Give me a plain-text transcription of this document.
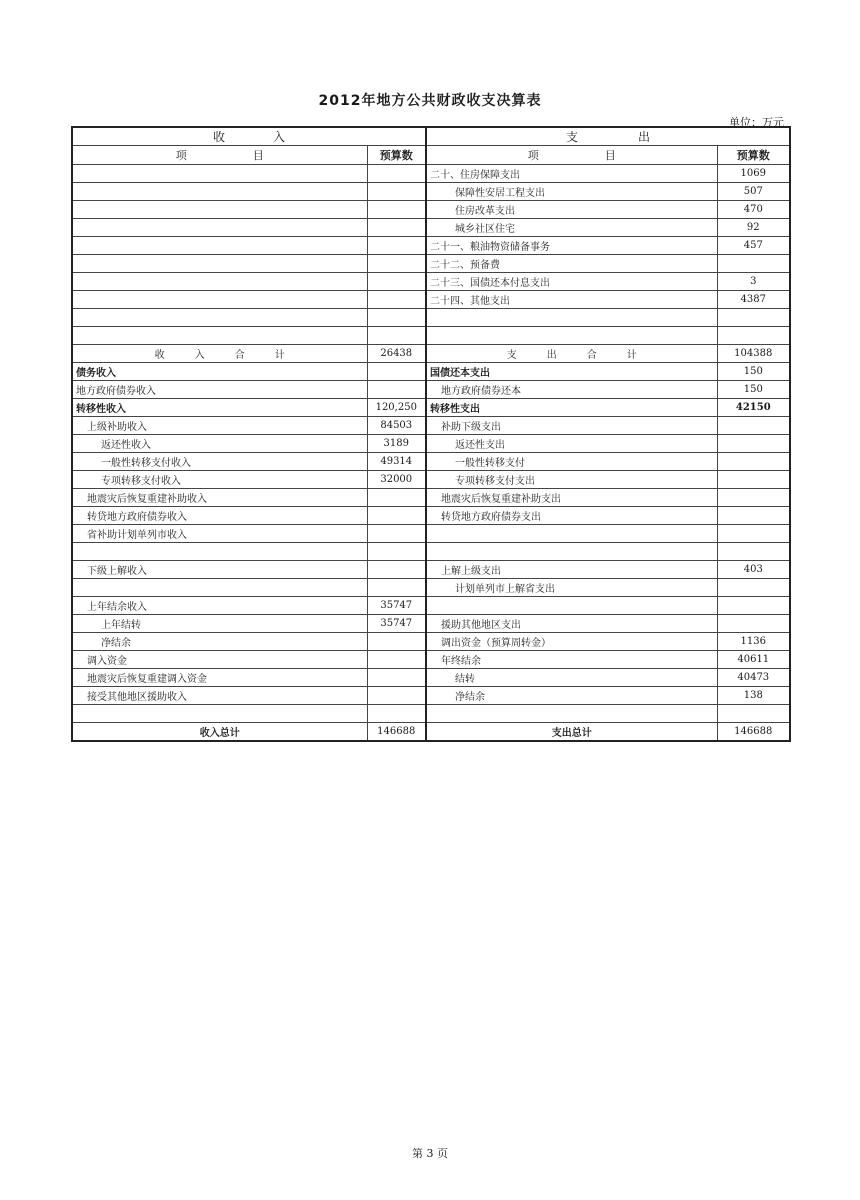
2012年地方公共财政收支决算表
单位：万元
收　　　　入		支　　　　　出	
项　　　　　　目	预算数	项　　　　　　目	预算数
		二十、住房保障支出	1069
		保障性安居工程支出	507
		住房改革支出	470
		城乡社区住宅	92
		二十一、粮油物资储备事务	457
		二十二、预备费	
		二十三、国债还本付息支出	3
		二十四、其他支出	4387

收　　　入　　　合　　　计	26438	支　　　出　　　合　　　计	104388
债务收入		国债还本支出	150
地方政府债券收入		地方政府债券还本	150
转移性收入	120,250	转移性支出	42150
上级补助收入	84503	补助下级支出	
返还性收入	3189	返还性支出	
一般性转移支付收入	49314	一般性转移支付	
专项转移支付收入	32000	专项转移支付支出	
地震灾后恢复重建补助收入		地震灾后恢复重建补助支出	
转贷地方政府债券收入		转贷地方政府债券支出	
省补助计划单列市收入			

下级上解收入		上解上级支出	403
		计划单列市上解省支出	
上年结余收入	35747		
上年结转	35747	援助其他地区支出	
净结余		调出资金（预算周转金）	1136
调入资金		年终结余	40611
地震灾后恢复重建调入资金		结转	40473
接受其他地区援助收入		净结余	138

收入总计	146688	支出总计	146688
第 3 页
